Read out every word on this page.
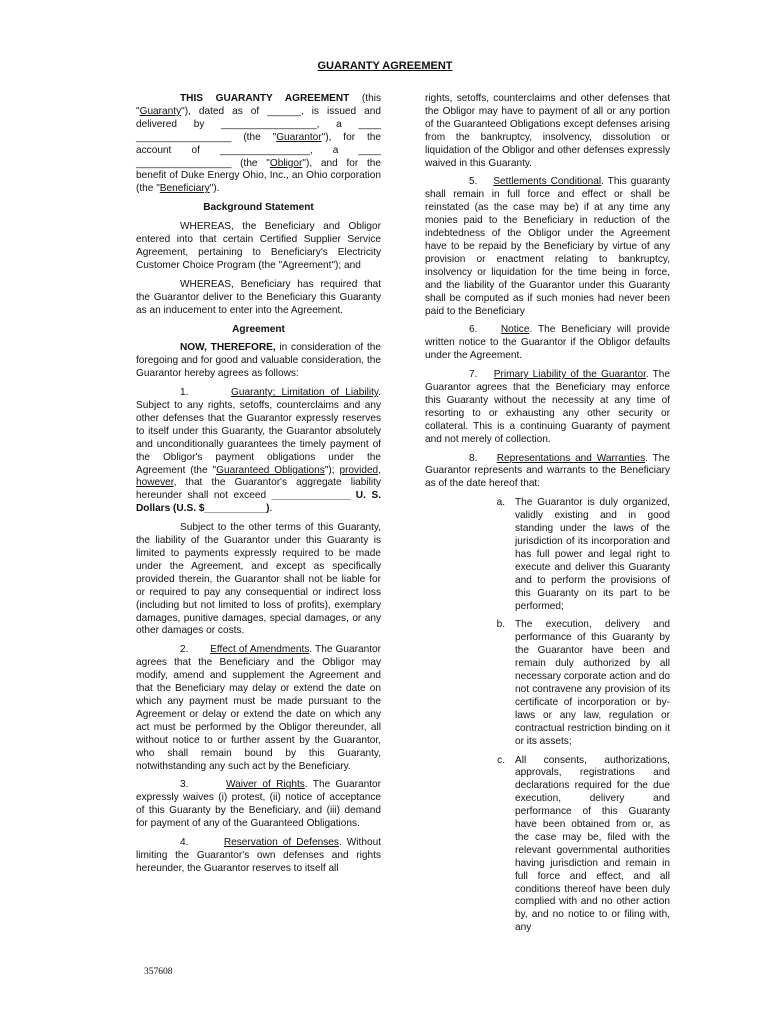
GUARANTY AGREEMENT

THIS GUARANTY AGREEMENT (this "Guaranty"), dated as of ______, is issued and delivered by _________________, a ____ _________________ (the "Guarantor"), for the account of ________________, a ____ _________________ (the "Obligor"), and for the benefit of Duke Energy Ohio, Inc., an Ohio corporation (the "Beneficiary").

Background Statement

WHEREAS, the Beneficiary and Obligor entered into that certain Certified Supplier Service Agreement, pertaining to Beneficiary's Electricity Customer Choice Program (the "Agreement"); and

WHEREAS, Beneficiary has required that the Guarantor deliver to the Beneficiary this Guaranty as an inducement to enter into the Agreement.

Agreement

NOW, THEREFORE, in consideration of the foregoing and for good and valuable consideration, the Guarantor hereby agrees as follows:

1.	Guaranty; Limitation of Liability. Subject to any rights, setoffs, counterclaims and any other defenses that the Guarantor expressly reserves to itself under this Guaranty, the Guarantor absolutely and unconditionally guarantees the timely payment of the Obligor's payment obligations under the Agreement (the "Guaranteed Obligations"); provided, however, that the Guarantor's aggregate liability hereunder shall not exceed ______________ U. S. Dollars (U.S. $___________).

Subject to the other terms of this Guaranty, the liability of the Guarantor under this Guaranty is limited to payments expressly required to be made under the Agreement, and except as specifically provided therein, the Guarantor shall not be liable for or required to pay any consequential or indirect loss (including but not limited to loss of profits), exemplary damages, punitive damages, special damages, or any other damages or costs.

2. Effect of Amendments. The Guarantor agrees that the Beneficiary and the Obligor may modify, amend and supplement the Agreement and that the Beneficiary may delay or extend the date on which any payment must be made pursuant to the Agreement or delay or extend the date on which any act must be performed by the Obligor thereunder, all without notice to or further assent by the Guarantor, who shall remain bound by this Guaranty, notwithstanding any such act by the Beneficiary.

3.	Waiver of Rights. The Guarantor expressly waives (i) protest, (ii) notice of acceptance of this Guaranty by the Beneficiary, and (iii) demand for payment of any of the Guaranteed Obligations.

4.	Reservation of Defenses. Without limiting the Guarantor's own defenses and rights hereunder, the Guarantor reserves to itself all

rights, setoffs, counterclaims and other defenses that the Obligor may have to payment of all or any portion of the Guaranteed Obligations except defenses arising from the bankruptcy, insolvency, dissolution or liquidation of the Obligor and other defenses expressly waived in this Guaranty.

5. Settlements Conditional. This guaranty shall remain in full force and effect or shall be reinstated (as the case may be) if at any time any monies paid to the Beneficiary in reduction of the indebtedness of the Obligor under the Agreement have to be repaid by the Beneficiary by virtue of any provision or enactment relating to bankruptcy, insolvency or liquidation for the time being in force, and the liability of the Guarantor under this Guaranty shall be computed as if such monies had never been paid to the Beneficiary

6. Notice. The Beneficiary will provide written notice to the Guarantor if the Obligor defaults under the Agreement.

7. Primary Liability of the Guarantor. The Guarantor agrees that the Beneficiary may enforce this Guaranty without the necessity at any time of resorting to or exhausting any other security or collateral. This is a continuing Guaranty of payment and not merely of collection.

8. Representations and Warranties. The Guarantor represents and warrants to the Beneficiary as of the date hereof that:

a. The Guarantor is duly organized, validly existing and in good standing under the laws of the jurisdiction of its incorporation and has full power and legal right to execute and deliver this Guaranty and to perform the provisions of this Guaranty on its part to be performed;
b. The execution, delivery and performance of this Guaranty by the Guarantor have been and remain duly authorized by all necessary corporate action and do not contravene any provision of its certificate of incorporation or by-laws or any law, regulation or contractual restriction binding on it or its assets;
c. All consents, authorizations, approvals, registrations and declarations required for the due execution, delivery and performance of this Guaranty have been obtained from or, as the case may be, filed with the relevant governmental authorities having jurisdiction and remain in full force and effect, and all conditions thereof have been duly complied with and no other action by, and no notice to or filing with, any
357608
